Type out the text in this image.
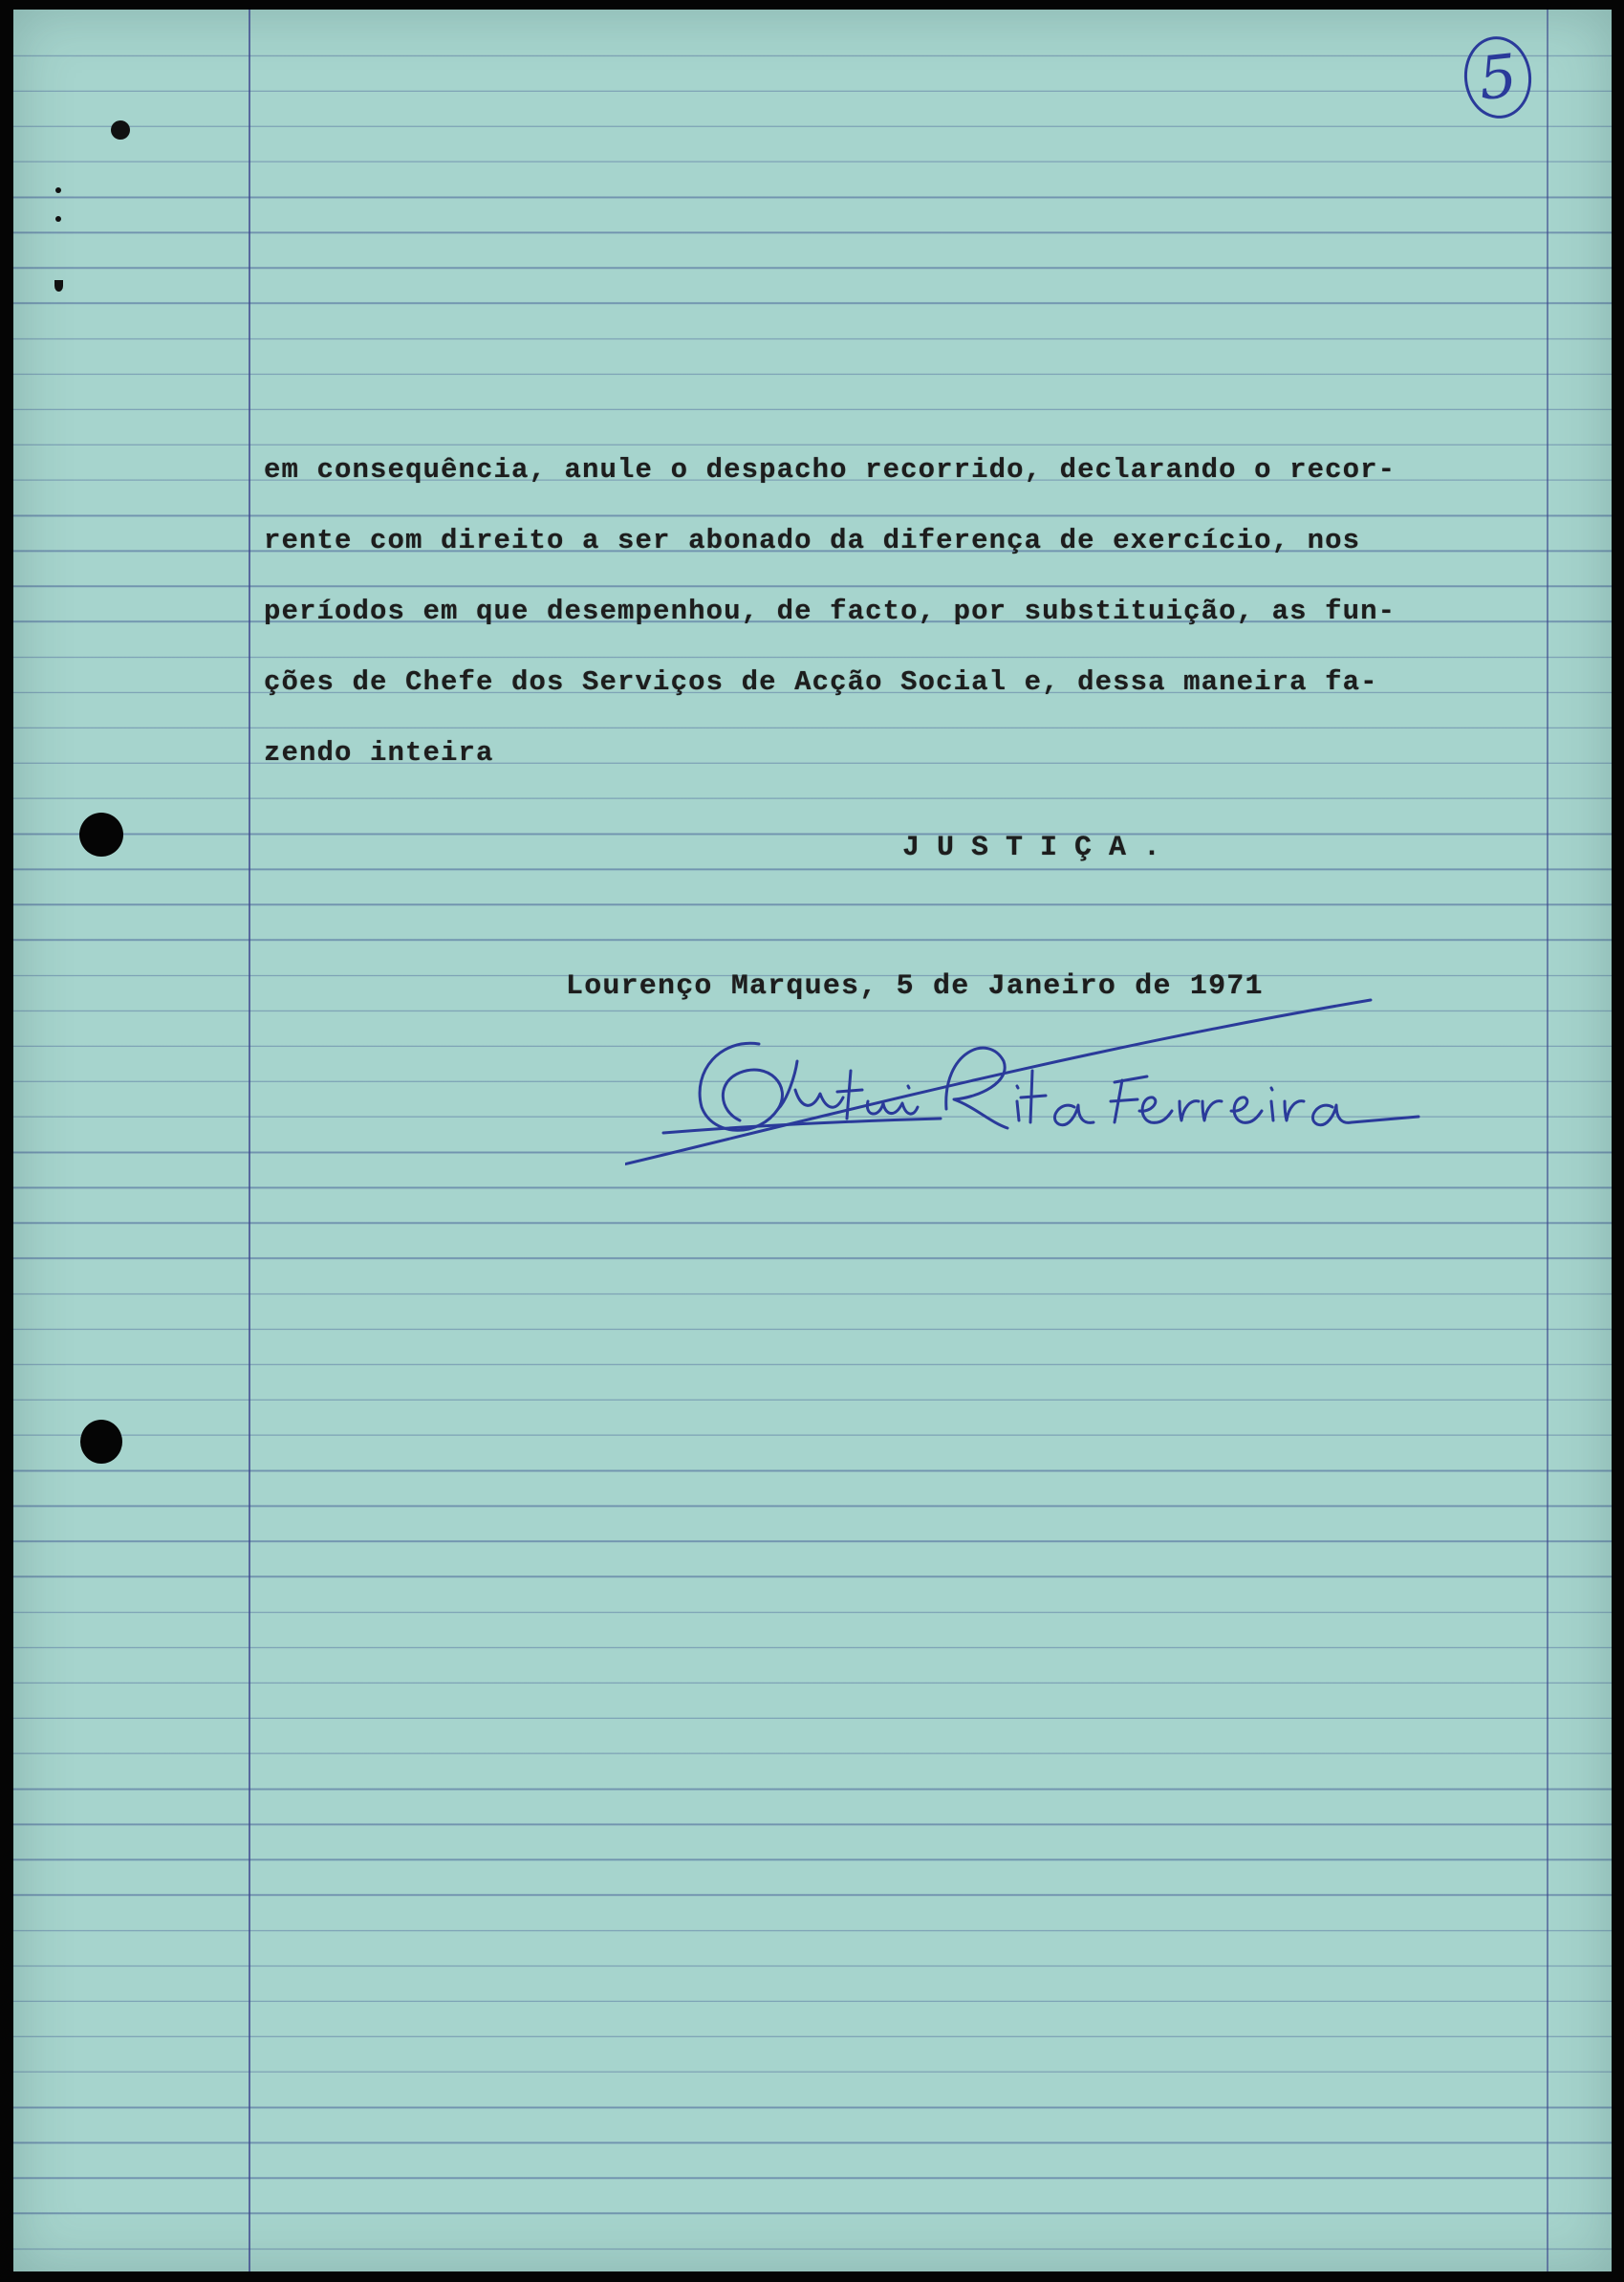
5
em consequência, anule o despacho recorrido, declarando o recor-
rente com direito a ser abonado da diferença de exercício, nos
períodos em que desempenhou, de facto, por substituição, as fun-
ções de Chefe dos Serviços de Acção Social e, dessa maneira fa-
zendo inteira
JUSTIÇA.
Lourenço Marques, 5 de Janeiro de 1971
